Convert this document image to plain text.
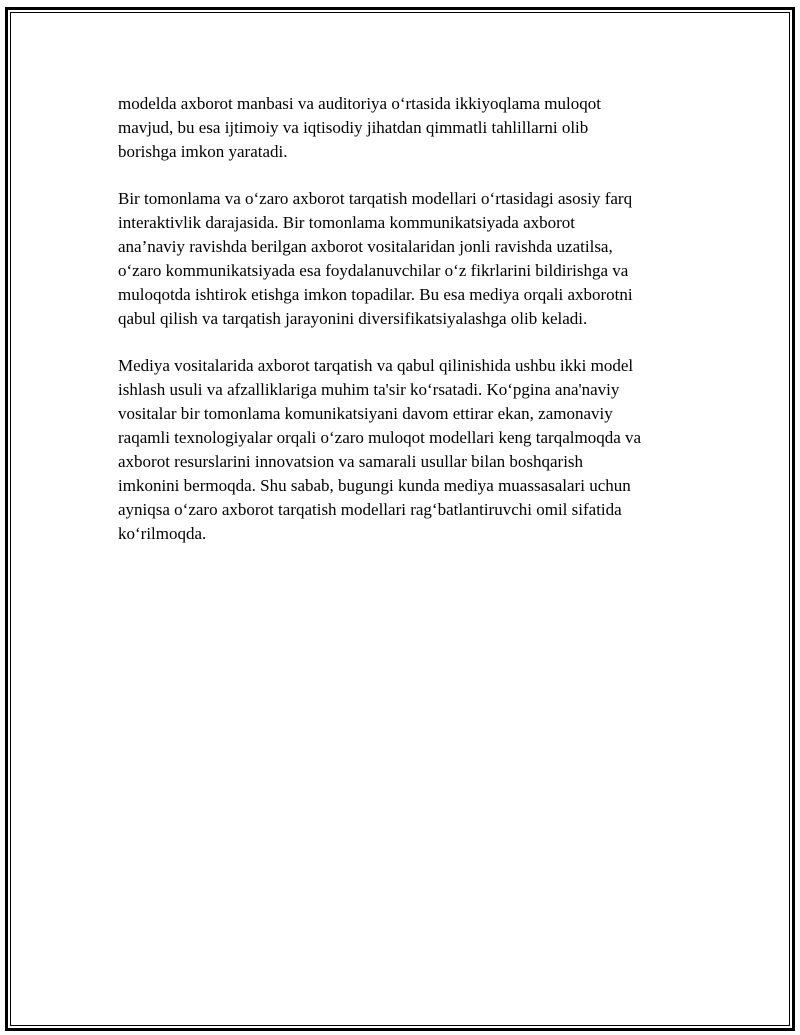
modelda axborot manbasi va auditoriya o‘rtasida ikkiyoqlama muloqot
mavjud, bu esa ijtimoiy va iqtisodiy jihatdan qimmatli tahlillarni olib
borishga imkon yaratadi.

Bir tomonlama va o‘zaro axborot tarqatish modellari o‘rtasidagi asosiy farq
interaktivlik darajasida. Bir tomonlama kommunikatsiyada axborot
ana’naviy ravishda berilgan axborot vositalaridan jonli ravishda uzatilsa,
o‘zaro kommunikatsiyada esa foydalanuvchilar o‘z fikrlarini bildirishga va
muloqotda ishtirok etishga imkon topadilar. Bu esa mediya orqali axborotni
qabul qilish va tarqatish jarayonini diversifikatsiyalashga olib keladi.

Mediya vositalarida axborot tarqatish va qabul qilinishida ushbu ikki model
ishlash usuli va afzalliklariga muhim ta'sir ko‘rsatadi. Ko‘pgina ana'naviy
vositalar bir tomonlama komunikatsiyani davom ettirar ekan, zamonaviy
raqamli texnologiyalar orqali o‘zaro muloqot modellari keng tarqalmoqda va
axborot resurslarini innovatsion va samarali usullar bilan boshqarish
imkonini bermoqda. Shu sabab, bugungi kunda mediya muassasalari uchun
ayniqsa o‘zaro axborot tarqatish modellari rag‘batlantiruvchi omil sifatida
ko‘rilmoqda.
